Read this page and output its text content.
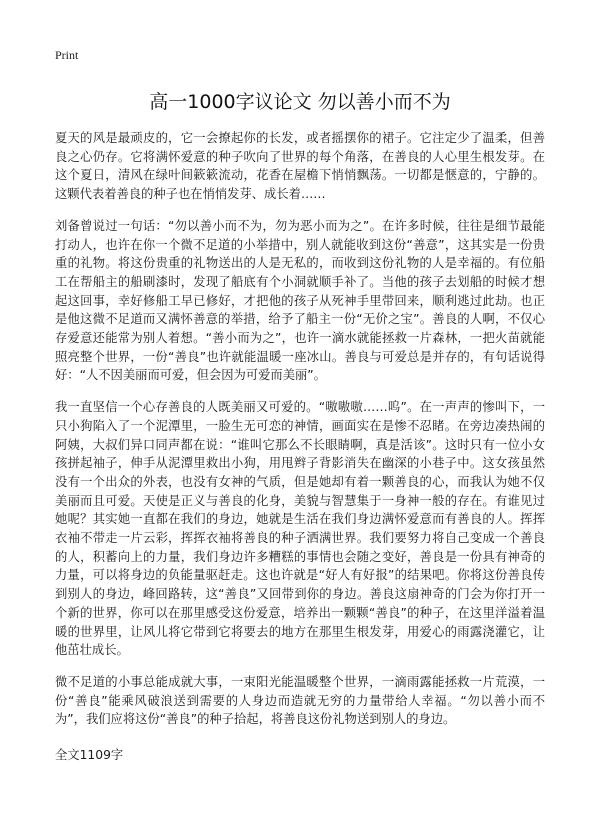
Print
高一1000字议论文 勿以善小而不为

夏天的风是最顽皮的，它一会撩起你的长发，或者摇摆你的裙子。它注定少了温柔，但善良之心仍存。它将满怀爱意的种子吹向了世界的每个角落，在善良的人心里生根发芽。在这个夏日，清风在绿叶间簌簌流动，花香在屋檐下悄悄飘荡。一切都是惬意的，宁静的。这颗代表着善良的种子也在悄悄发芽、成长着……

刘备曾说过一句话：“勿以善小而不为，勿为恶小而为之”。在许多时候，往往是细节最能打动人，也许在你一个微不足道的小举措中，别人就能收到这份“善意”，这其实是一份贵重的礼物。将这份贵重的礼物送出的人是无私的，而收到这份礼物的人是幸福的。有位船工在帮船主的船刷漆时，发现了船底有个小洞就顺手补了。当他的孩子去划船的时候才想起这回事，幸好修船工早已修好，才把他的孩子从死神手里带回来，顺利逃过此劫。也正是他这微不足道而又满怀善意的举措，给予了船主一份“无价之宝”。善良的人啊，不仅心存爱意还能常为别人着想。“善小而为之”，也许一滴水就能拯救一片森林，一把火苗就能照亮整个世界，一份“善良”也许就能温暖一座冰山。善良与可爱总是并存的，有句话说得好：“人不因美丽而可爱，但会因为可爱而美丽”。

我一直坚信一个心存善良的人既美丽又可爱的。“嗷嗷嗷……呜”。在一声声的惨叫下，一只小狗陷入了一个泥潭里，一脸生无可恋的神情，画面实在是惨不忍睹。在旁边凑热闹的阿姨，大叔们异口同声都在说：“谁叫它那么不长眼睛啊，真是活该”。这时只有一位小女孩拼起袖子，伸手从泥潭里救出小狗，用甩辫子背影消失在幽深的小巷子中。这女孩虽然没有一个出众的外表，也没有女神的气质，但是她却有着一颗善良的心，而我认为她不仅美丽而且可爱。天使是正义与善良的化身，美貌与智慧集于一身神一般的存在。有谁见过她呢？其实她一直都在我们的身边，她就是生活在我们身边满怀爱意而有善良的人。挥挥衣袖不带走一片云彩，挥挥衣袖将善良的种子洒满世界。我们要努力将自己变成一个善良的人，积蓄向上的力量，我们身边许多糟糕的事情也会随之变好，善良是一份具有神奇的力量，可以将身边的负能量驱赶走。这也许就是“好人有好报”的结果吧。你将这份善良传到别人的身边，峰回路转，这“善良”又回带到你的身边。善良这扇神奇的门会为你打开一个新的世界，你可以在那里感受这份爱意，培养出一颗颗“善良”的种子，在这里洋溢着温暖的世界里，让风儿将它带到它将要去的地方在那里生根发芽，用爱心的雨露浇灌它，让他茁壮成长。

微不足道的小事总能成就大事，一束阳光能温暖整个世界，一滴雨露能拯救一片荒漠，一份“善良”能乘风破浪送到需要的人身边而造就无穷的力量带给人幸福。“勿以善小而不为”，我们应将这份“善良”的种子拾起，将善良这份礼物送到别人的身边。

全文1109字
